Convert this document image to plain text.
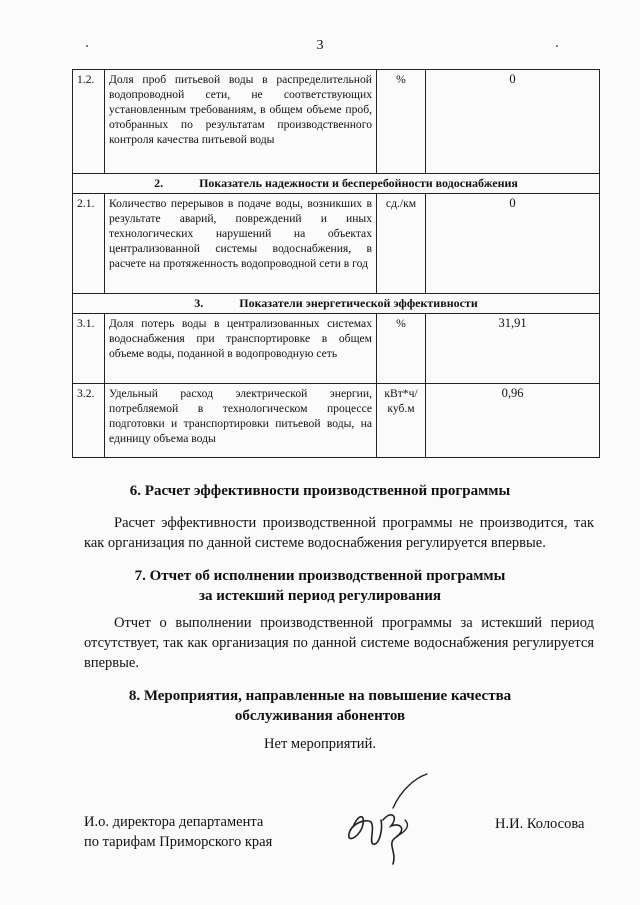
3
1.2.	Доля проб питьевой воды в распределительной водопроводной сети, не соответствующих установленным требованиям, в общем объеме проб, отобранных по результатам производственного контроля качества питьевой воды	%	0
2. Показатель надежности и бесперебойности водоснабжения			
2.1.	Количество перерывов в подаче воды, возникших в результате аварий, повреждений и иных технологических нарушений на объектах централизованной системы водоснабжения, в расчете на протяженность водопроводной сети в год	сд./км	0
3. Показатели энергетической эффективности			
3.1.	Доля потерь воды в централизованных системах водоснабжения при транспортировке в общем объеме воды, поданной в водопроводную сеть	%	31,91
3.2.	Удельный расход электрической энергии, потребляемой в технологическом процессе подготовки и транспортировки питьевой воды, на единицу объема воды	кВт*ч/куб.м	0,96
6. Расчет эффективности производственной программы
Расчет эффективности производственной программы не производится, так как организация по данной системе водоснабжения регулируется впервые.
7. Отчет об исполнении производственной программы
за истекший период регулирования
Отчет о выполнении производственной программы за истекший период отсутствует, так как организация по данной системе водоснабжения регулируется впервые.
8. Мероприятия, направленные на повышение качества
обслуживания абонентов
Нет мероприятий.
И.о. директора департамента
по тарифам Приморского края
Н.И. Колосова
